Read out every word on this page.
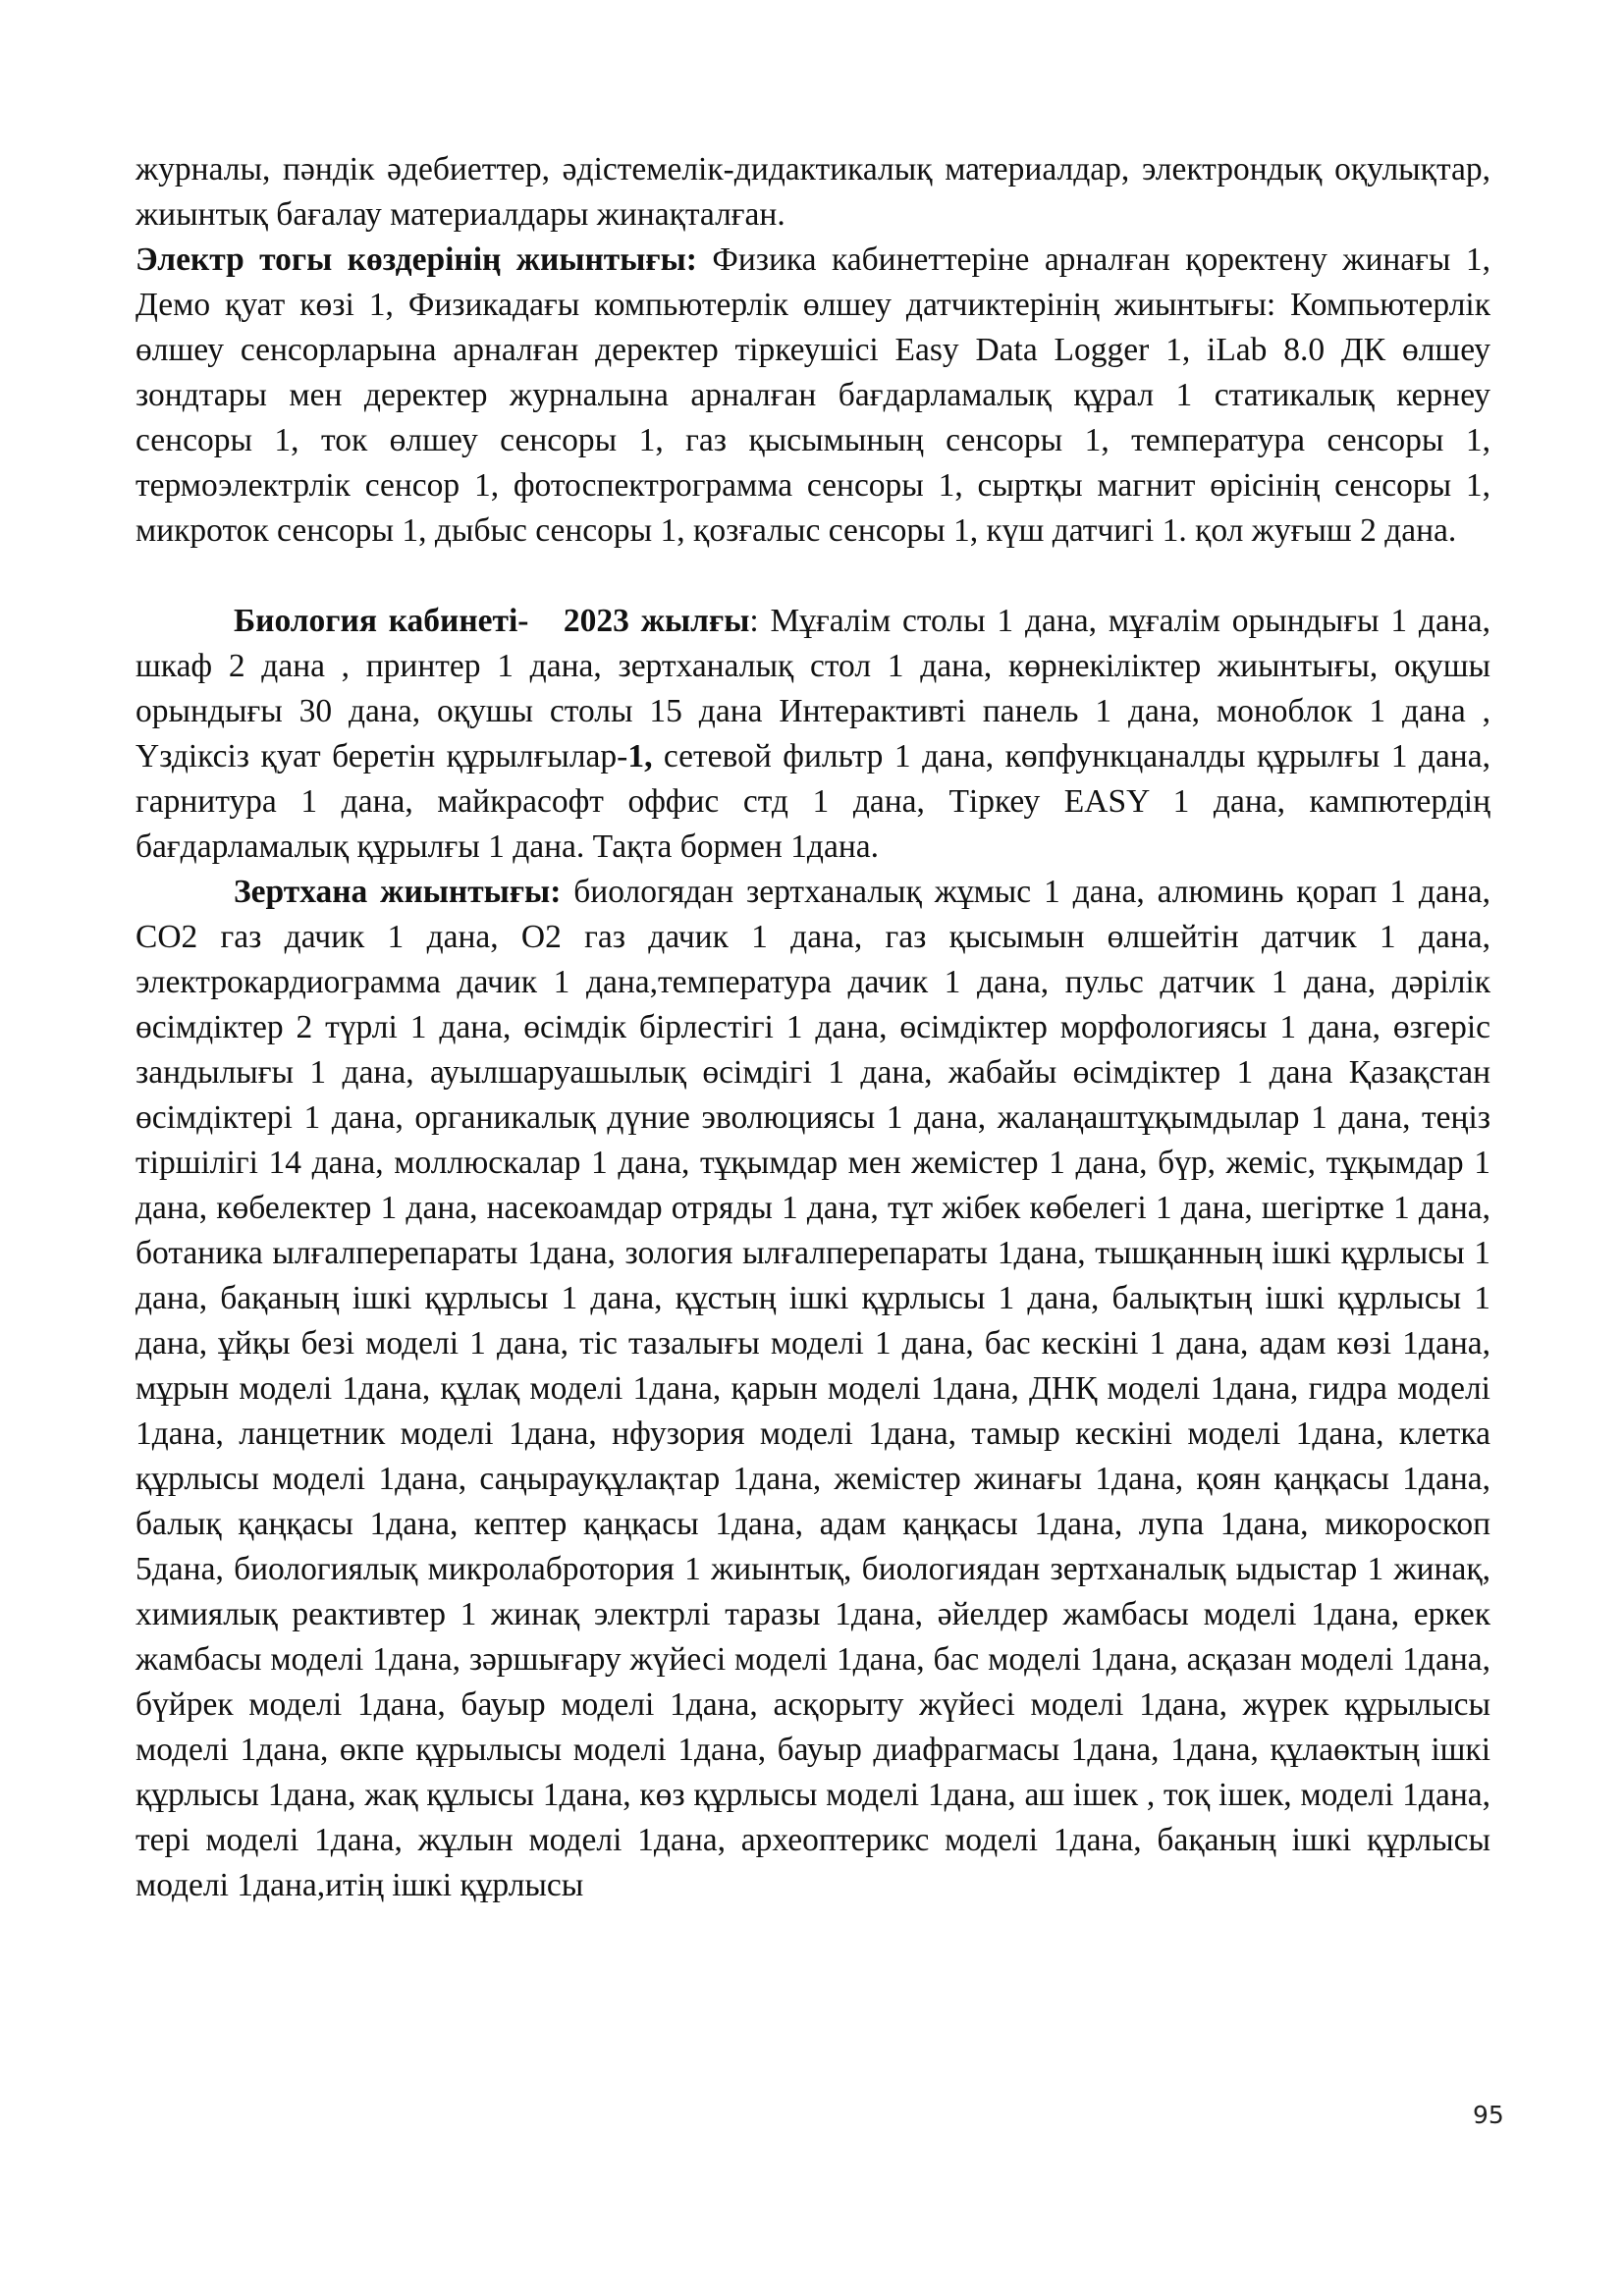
журналы, пәндік әдебиеттер, әдістемелік-дидактикалық материалдар, электрондық оқулықтар, жиынтық бағалау материалдары жинақталған.

Электр тогы көздерінің жиынтығы: Физика кабинеттеріне арналған қоректену жинағы 1, Демо қуат көзі 1, Физикадағы компьютерлік өлшеу датчиктерінің жиынтығы: Компьютерлік өлшеу сенсорларына арналған деректер тіркеушісі Easy Data Logger 1, iLab 8.0 ДК өлшеу зондтары мен деректер журналына арналған бағдарламалық құрал 1 статикалық кернеу сенсоры 1, ток өлшеу сенсоры 1, газ қысымының сенсоры 1, температура сенсоры 1, термоэлектрлік сенсор 1, фотоспектрограмма сенсоры 1, сыртқы магнит өрісінің сенсоры 1, микроток сенсоры 1, дыбыс сенсоры 1, қозғалыс сенсоры 1, күш датчигі 1. қол жуғыш 2 дана.

Биология кабинеті-   2023 жылғы: Мұғалім столы 1 дана, мұғалім орындығы 1 дана, шкаф 2 дана , принтер 1 дана, зертханалық стол 1 дана, көрнекіліктер жиынтығы, оқушы орындығы 30 дана, оқушы столы 15 дана Интерактивті панель 1 дана, моноблок 1 дана , Үздіксіз қуат беретін құрылғылар-1, сетевой фильтр 1 дана, көпфункцаналды құрылғы 1 дана, гарнитура 1 дана, майкрасофт оффис стд 1 дана, Тіркеу EASY 1 дана, кампютердің бағдарламалық құрылғы 1 дана. Тақта бормен 1дана.

Зертхана жиынтығы: биологядан зертханалық жұмыс 1 дана, алюминь қорап 1 дана, CO2 газ дачик 1 дана, O2 газ дачик 1 дана, газ қысымын өлшейтін датчик 1 дана, электрокардиограмма дачик 1 дана,температура дачик 1 дана, пульс датчик 1 дана, дәрілік өсімдіктер 2 түрлі 1 дана, өсімдік бірлестігі 1 дана, өсімдіктер морфологиясы 1 дана, өзгеріс зандылығы 1 дана, ауылшаруашылық өсімдігі 1 дана, жабайы өсімдіктер 1 дана Қазақстан өсімдіктері 1 дана, органикалық дүние эволюциясы 1 дана, жалаңаштұқымдылар 1 дана, теңіз тіршілігі 14 дана, моллюскалар 1 дана, тұқымдар мен жемістер 1 дана, бүр, жеміс, тұқымдар 1 дана, көбелектер 1 дана, насекоамдар отряды 1 дана, тұт жібек көбелегі 1 дана, шегіртке 1 дана, ботаника ылғалперепараты 1дана, зология ылғалперепараты 1дана, тышқанның ішкі құрлысы 1 дана, бақаның ішкі құрлысы 1 дана, құстың ішкі құрлысы 1 дана, балықтың ішкі құрлысы 1 дана, ұйқы безі моделі 1 дана, тіс тазалығы моделі 1 дана, бас кескіні 1 дана, адам көзі 1дана, мұрын моделі 1дана, құлақ моделі 1дана, қарын моделі 1дана, ДНҚ моделі 1дана, гидра моделі 1дана, ланцетник моделі 1дана, нфузория моделі 1дана, тамыр кескіні моделі 1дана, клетка құрлысы моделі 1дана, саңырауқұлақтар 1дана, жемістер жинағы 1дана, қоян қаңқасы 1дана, балық қаңқасы 1дана, кептер қаңқасы 1дана, адам қаңқасы 1дана, лупа 1дана, микороскоп 5дана, биологиялық микролабротория 1 жиынтық, биологиядан зертханалық ыдыстар 1 жинақ, химиялық реактивтер 1 жинақ электрлі таразы 1дана, әйелдер жамбасы моделі 1дана, еркек жамбасы моделі 1дана, зәршығару жүйесі моделі 1дана, бас моделі 1дана, асқазан моделі 1дана, бүйрек моделі 1дана, бауыр моделі 1дана, асқорыту жүйесі моделі 1дана, жүрек құрылысы моделі 1дана, өкпе құрылысы моделі 1дана, бауыр диафрагмасы 1дана, 1дана, құлаөктың ішкі құрлысы 1дана, жақ құлысы 1дана, көз құрлысы моделі 1дана, аш ішек , тоқ ішек, моделі 1дана, тері моделі 1дана, жұлын моделі 1дана, археоптерикс моделі 1дана, бақаның ішкі құрлысы моделі 1дана,итің ішкі құрлысы

95
